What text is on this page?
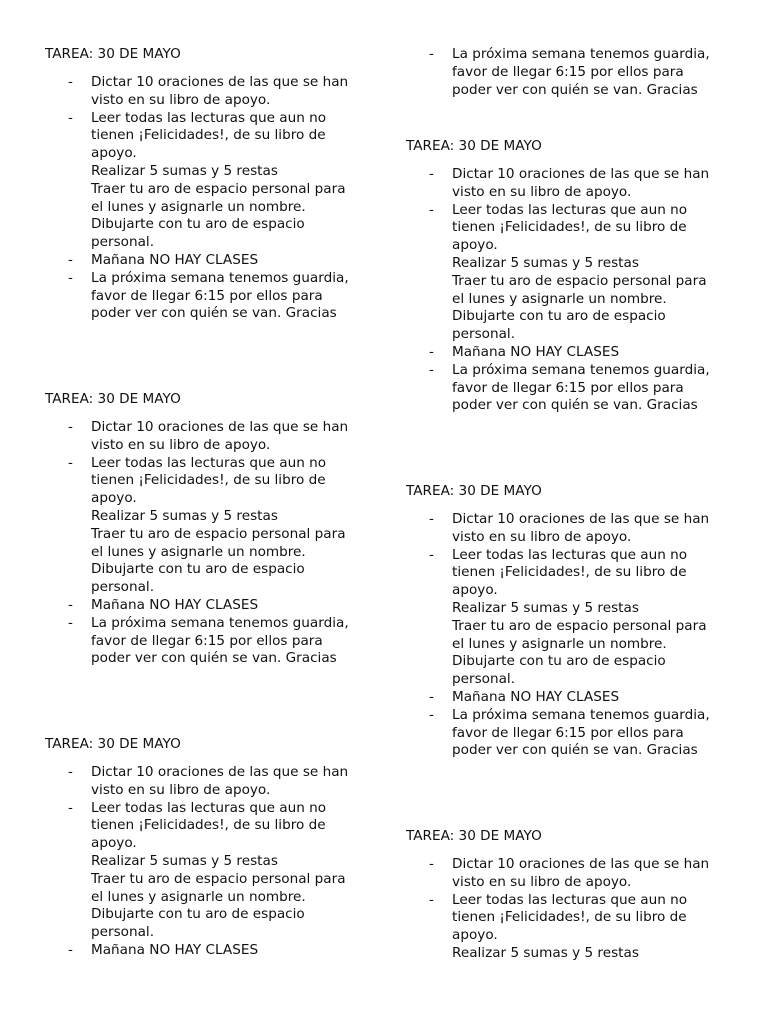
TAREA: 30 DE MAYO
-	Dictar 10 oraciones de las que se han
visto en su libro de apoyo.
-	Leer todas las lecturas que aun no
tienen ¡Felicidades!, de su libro de
apoyo.
Realizar 5 sumas y 5 restas
Traer tu aro de espacio personal para
el lunes y asignarle un nombre.
Dibujarte con tu aro de espacio
personal.
-	Mañana NO HAY CLASES
-	La próxima semana tenemos guardia,
favor de llegar 6:15 por ellos para
poder ver con quién se van. Gracias
TAREA: 30 DE MAYO
-	Dictar 10 oraciones de las que se han
visto en su libro de apoyo.
-	Leer todas las lecturas que aun no
tienen ¡Felicidades!, de su libro de
apoyo.
Realizar 5 sumas y 5 restas
Traer tu aro de espacio personal para
el lunes y asignarle un nombre.
Dibujarte con tu aro de espacio
personal.
-	Mañana NO HAY CLASES
-	La próxima semana tenemos guardia,
favor de llegar 6:15 por ellos para
poder ver con quién se van. Gracias
TAREA: 30 DE MAYO
-	Dictar 10 oraciones de las que se han
visto en su libro de apoyo.
-	Leer todas las lecturas que aun no
tienen ¡Felicidades!, de su libro de
apoyo.
Realizar 5 sumas y 5 restas
Traer tu aro de espacio personal para
el lunes y asignarle un nombre.
Dibujarte con tu aro de espacio
personal.
-	Mañana NO HAY CLASES
-	La próxima semana tenemos guardia,
favor de llegar 6:15 por ellos para
poder ver con quién se van. Gracias
TAREA: 30 DE MAYO
-	Dictar 10 oraciones de las que se han
visto en su libro de apoyo.
-	Leer todas las lecturas que aun no
tienen ¡Felicidades!, de su libro de
apoyo.
Realizar 5 sumas y 5 restas
Traer tu aro de espacio personal para
el lunes y asignarle un nombre.
Dibujarte con tu aro de espacio
personal.
-	Mañana NO HAY CLASES
-	La próxima semana tenemos guardia,
favor de llegar 6:15 por ellos para
poder ver con quién se van. Gracias
TAREA: 30 DE MAYO
-	Dictar 10 oraciones de las que se han
visto en su libro de apoyo.
-	Leer todas las lecturas que aun no
tienen ¡Felicidades!, de su libro de
apoyo.
Realizar 5 sumas y 5 restas
Traer tu aro de espacio personal para
el lunes y asignarle un nombre.
Dibujarte con tu aro de espacio
personal.
-	Mañana NO HAY CLASES
-	La próxima semana tenemos guardia,
favor de llegar 6:15 por ellos para
poder ver con quién se van. Gracias
TAREA: 30 DE MAYO
-	Dictar 10 oraciones de las que se han
visto en su libro de apoyo.
-	Leer todas las lecturas que aun no
tienen ¡Felicidades!, de su libro de
apoyo.
Realizar 5 sumas y 5 restas
